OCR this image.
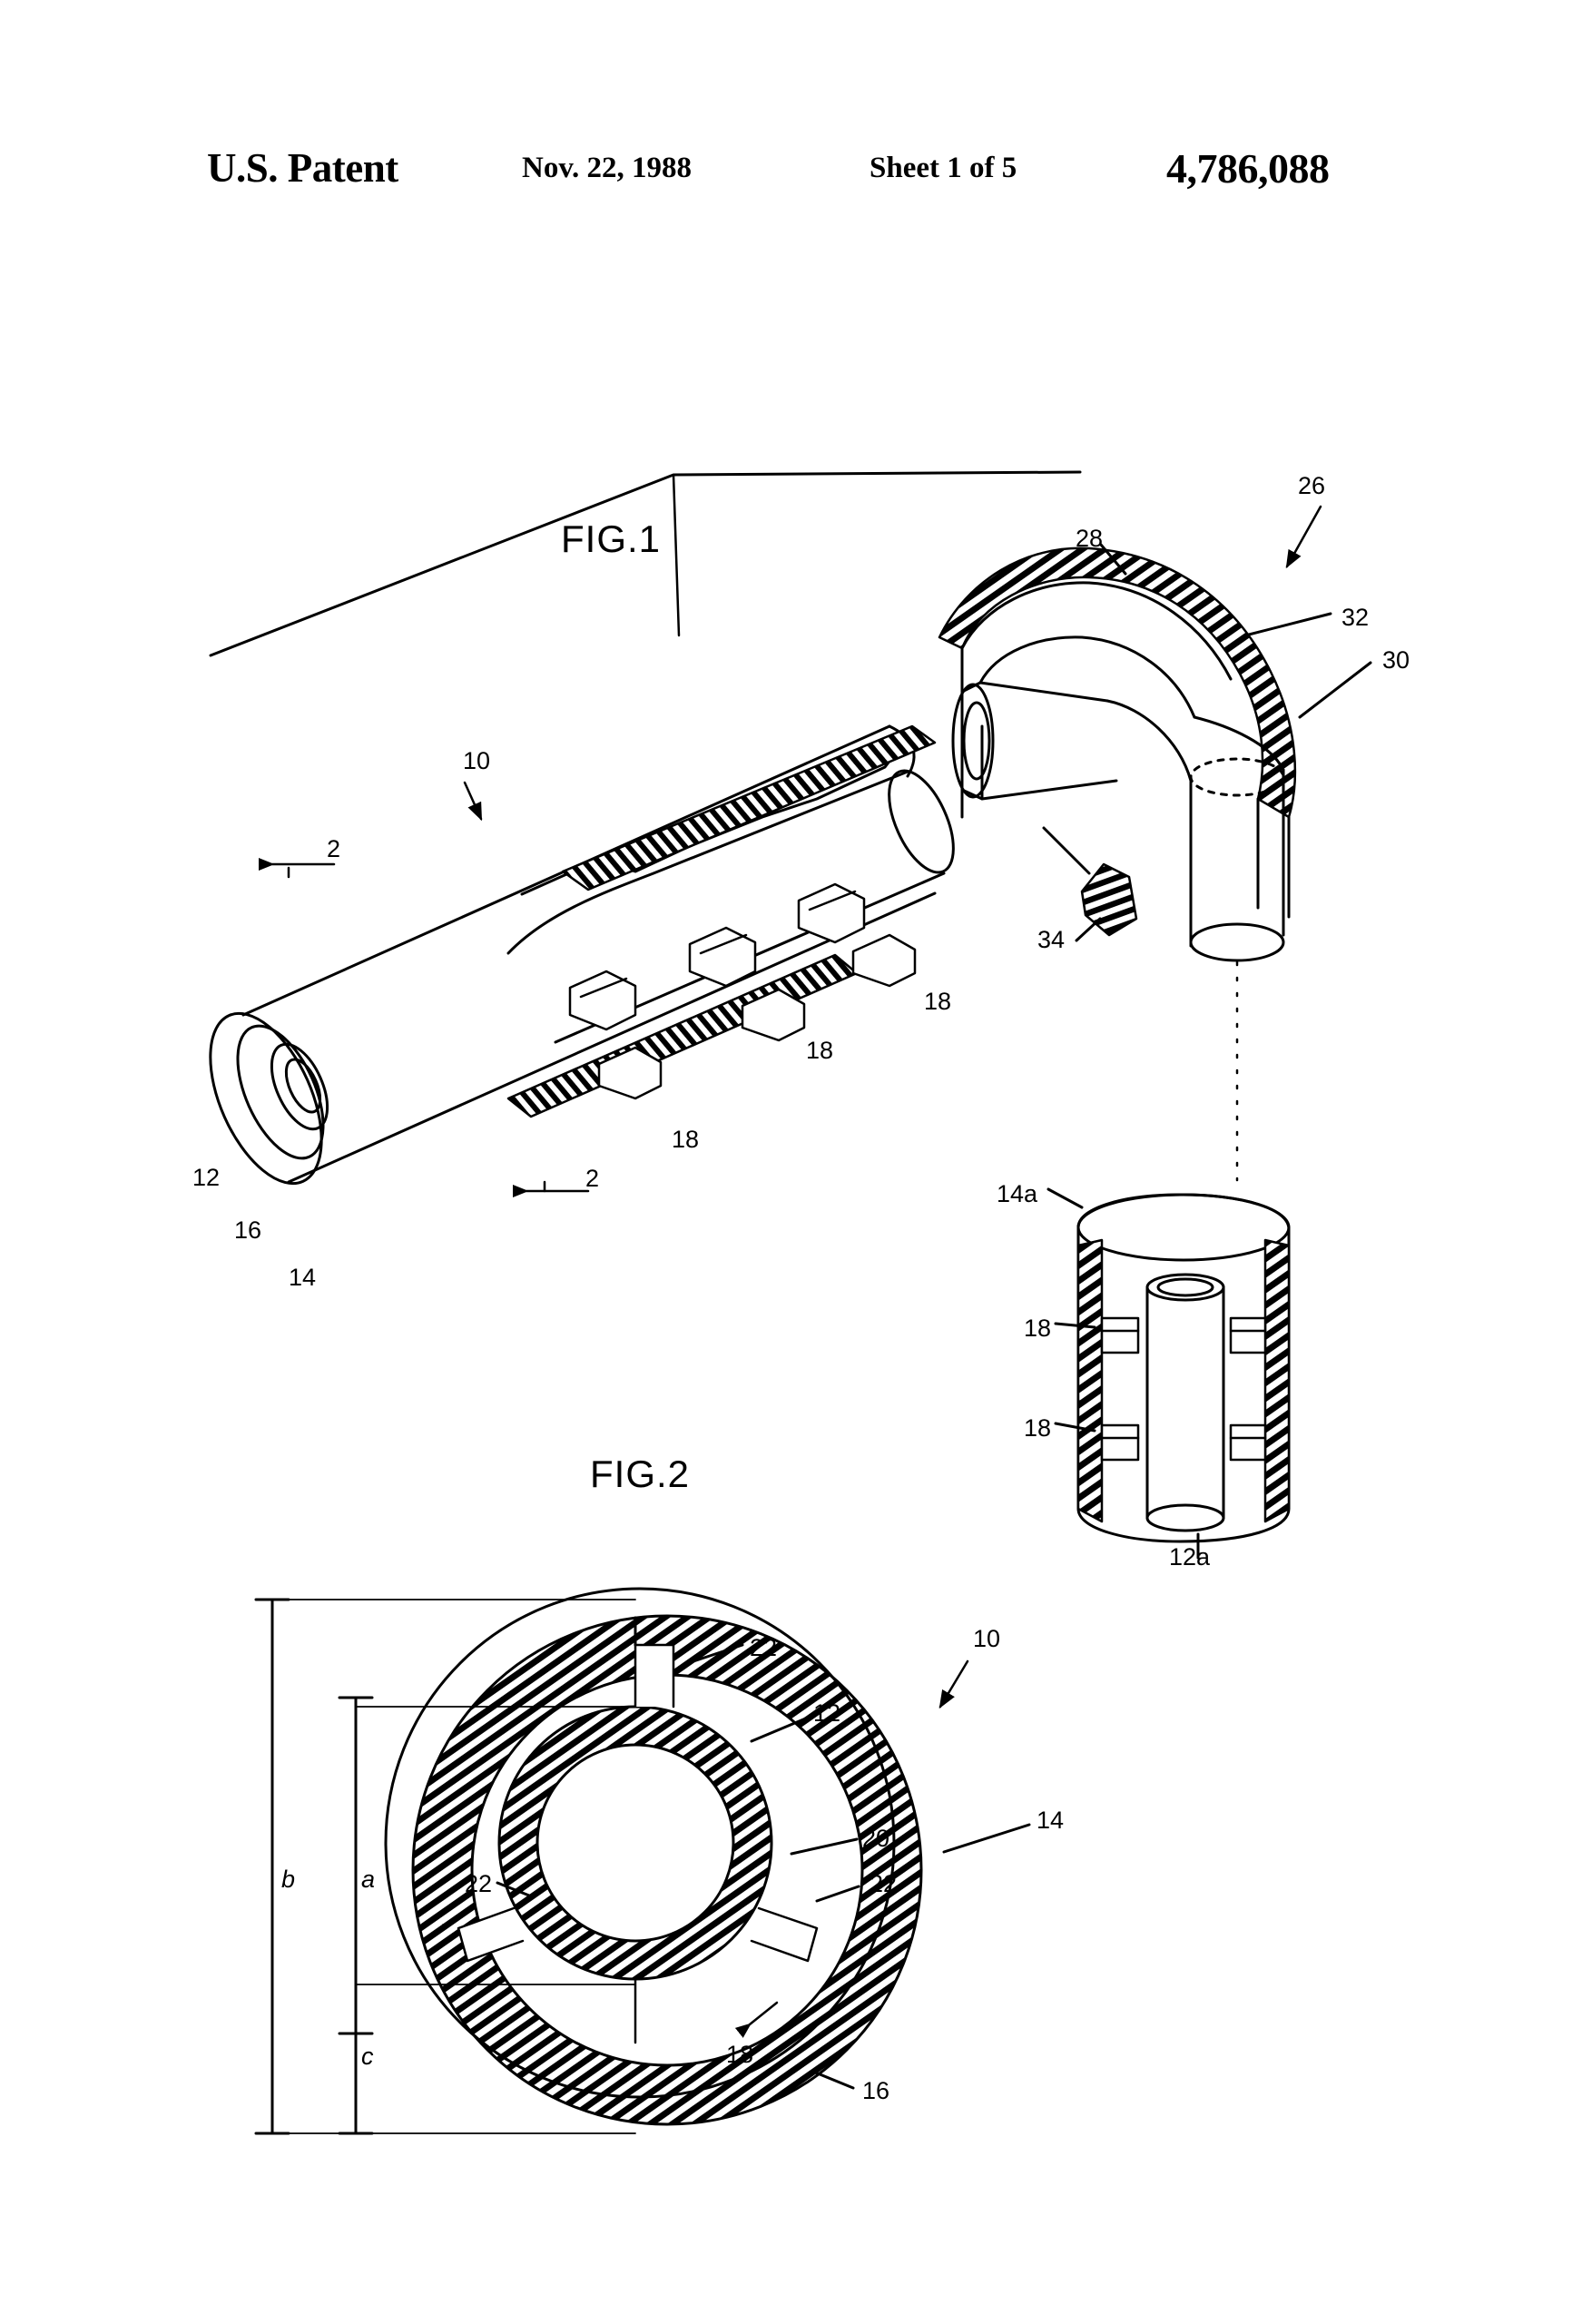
U.S. Patent	Nov. 22, 1988	Sheet 1 of 5	4,786,088
FIG.1
FIG.2
26
28
32
30
10
2
34
18
18
18
12
16
14
2
14a
18
18
12a
22	10
12
14
20
22	22
18
16
b	a
c
